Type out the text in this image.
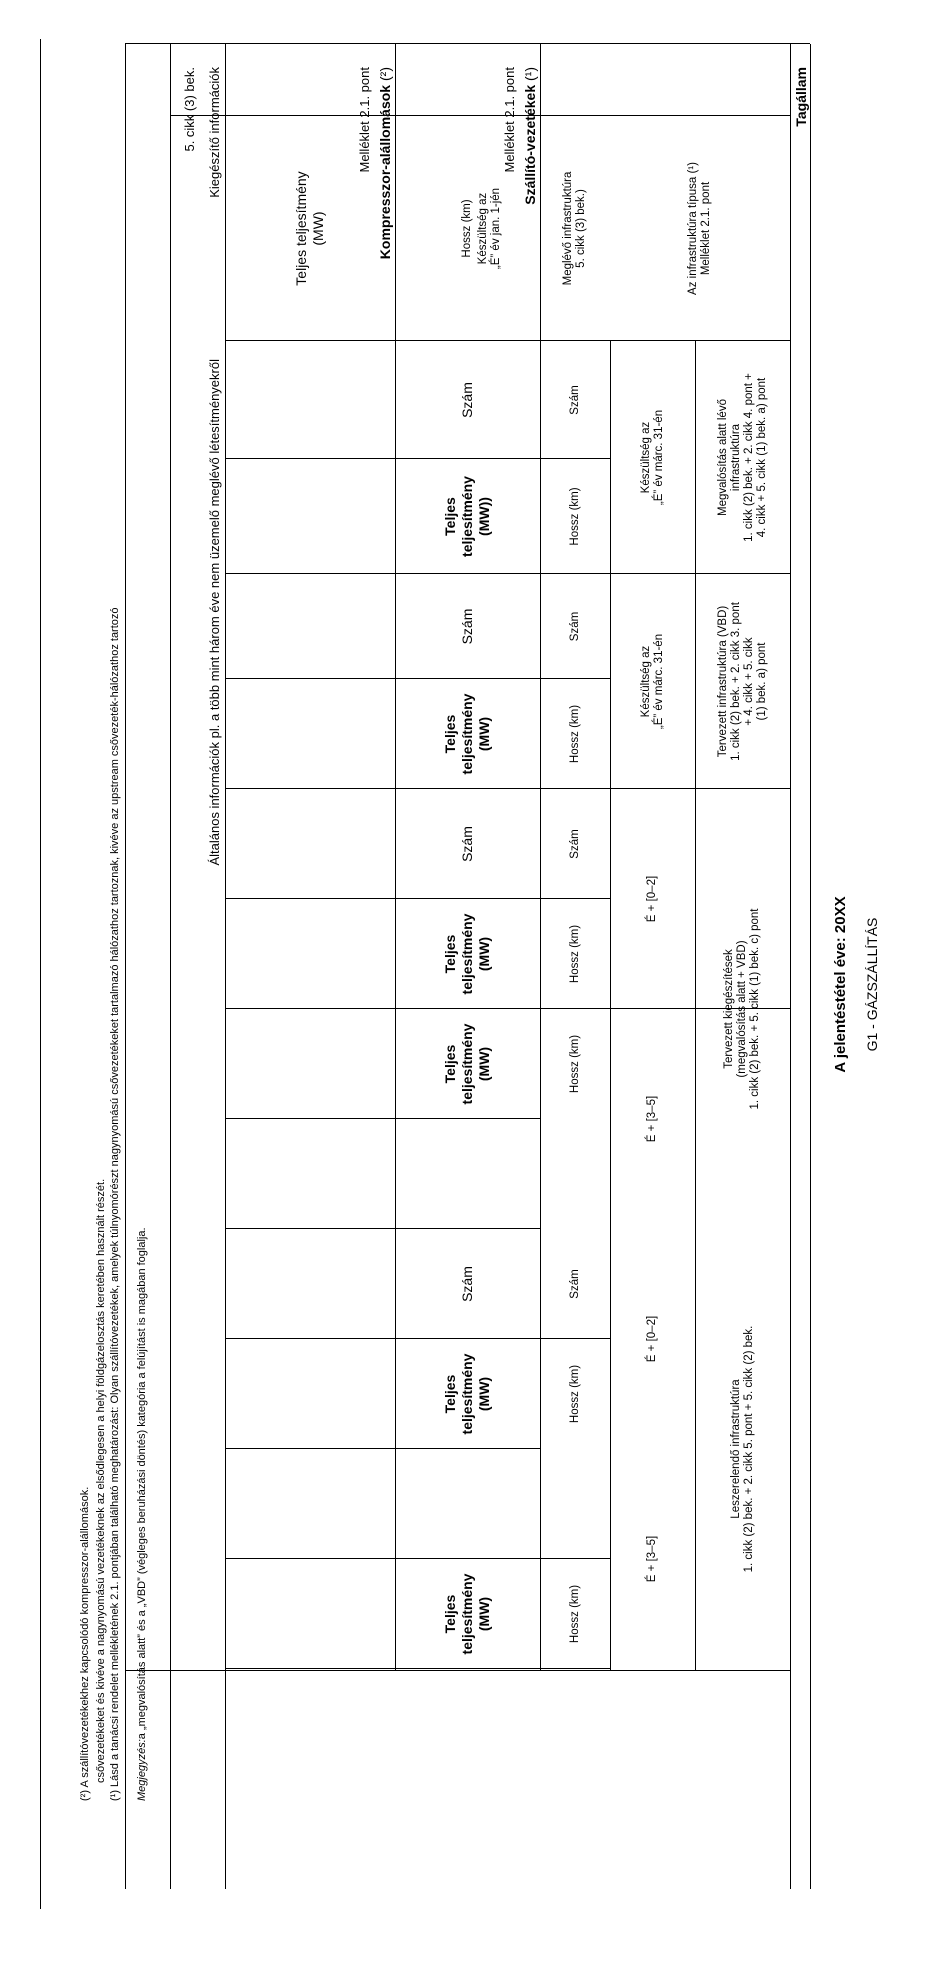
G1 - GÁZSZÁLLÍTÁS
A jelentéstétel éve: 20XX
Tagállam
Az infrastruktúra típusa (¹)
Melléklet 2.1. pont
Meglévő infrastruktúra
5. cikk (3) bek.)
Megvalósítás alatt lévő
infrastruktúra
1. cikk (2) bek. + 2. cikk 4. pont +
4. cikk + 5. cikk (1) bek. a) pont
Tervezett infrastruktúra (VBD)
1. cikk (2) bek. + 2. cikk 3. pont
+ 4. cikk + 5. cikk
(1) bek. a) pont
Tervezett kiegészítések
(megvalósítás alatt + VBD)
1. cikk (2) bek. + 5. cikk (1) bek. c) pont
Leszerelendő infrastruktúra
1. cikk (2) bek. + 2. cikk 5. pont + 5. cikk (2) bek.
Készültség az
„É” év jan. 1-jén
Készültség az
„É” év márc. 31-én
Készültség az
„É” év márc. 31-én
É + [0–2]
É + [3–5]
É + [0–2]
É + [3–5]
Hossz (km)
Szám
Hossz (km)
Szám
Hossz (km)
Szám
Hossz (km)
Hossz (km)
Szám
Hossz (km)
Hossz (km)
Szállító-vezetékek (¹)
Melléklet 2.1. pont
Teljes teljesítmény
(MW)
Szám
Teljes
teljesítmény
(MW))
Szám
Teljes
teljesítmény
(MW)
Szám
Teljes
teljesítmény
(MW)
Teljes
teljesítmény
(MW)
Szám
Teljes
teljesítmény
(MW)
Teljes
teljesítmény
(MW)
Kompresszor-alállomások (²)
Melléklet 2.1. pont
Kiegészítő információk
5. cikk (3) bek.
Általános információk pl. a több mint három éve nem üzemelő meglévő létesítményekről
Megjegyzés:a „megvalósítás alatt” és a „VBD” (végleges beruházási döntés) kategória a felújítást is magában foglalja.
(¹) Lásd a tanácsi rendelet mellékletének 2.1. pontjában található meghatározást: Olyan szállítóvezetékek, amelyek túlnyomórészt nagynyomású csővezetékeket tartalmazó hálózathoz tartoznak, kivéve az upstream csővezeték-hálózathoz tartozó
csővezetékeket és kivéve a nagynyomású vezetékeknek az elsődlegesen a helyi földgázelosztás keretében használt részét.
(²) A szállítóvezetékekhez kapcsolódó kompresszor-alállomások.
